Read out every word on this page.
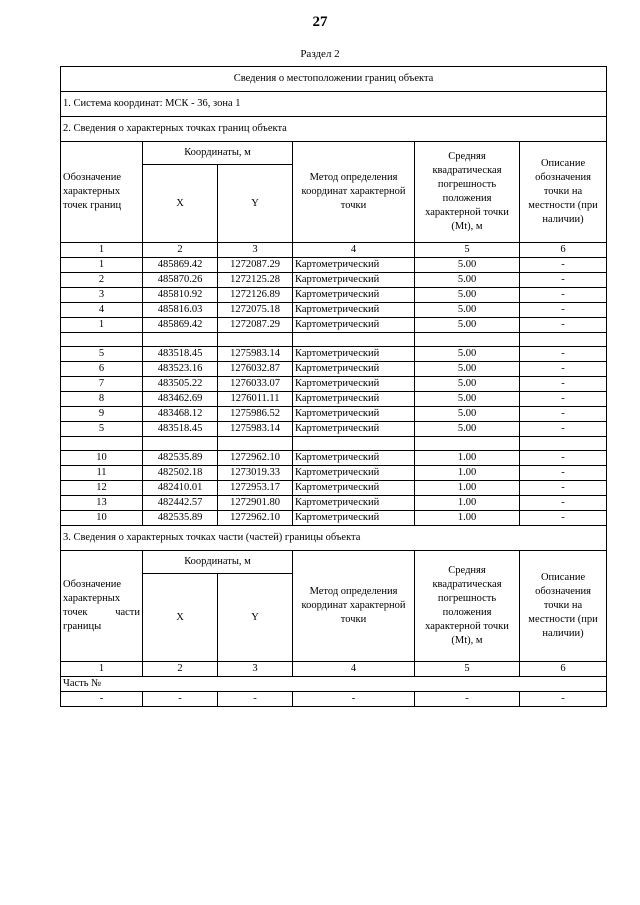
27
Раздел 2
Сведения о местоположении границ объекта					
1. Система координат: МСК - 36, зона 1					
2. Сведения о характерных точках границ объекта					
Обозначение характерных точек границ	Координаты, м		Метод определения координат характерной точки	Средняя квадратическая погрешность положения характерной точки (Mt), м	Описание обозначения точки на местности (при наличии)
	X	Y			
1	2	3	4	5	6
1	485869.42	1272087.29	Картометрический	5.00	-
2	485870.26	1272125.28	Картометрический	5.00	-
3	485810.92	1272126.89	Картометрический	5.00	-
4	485816.03	1272075.18	Картометрический	5.00	-
1	485869.42	1272087.29	Картометрический	5.00	-

5	483518.45	1275983.14	Картометрический	5.00	-
6	483523.16	1276032.87	Картометрический	5.00	-
7	483505.22	1276033.07	Картометрический	5.00	-
8	483462.69	1276011.11	Картометрический	5.00	-
9	483468.12	1275986.52	Картометрический	5.00	-
5	483518.45	1275983.14	Картометрический	5.00	-

10	482535.89	1272962.10	Картометрический	1.00	-
11	482502.18	1273019.33	Картометрический	1.00	-
12	482410.01	1272953.17	Картометрический	1.00	-
13	482442.57	1272901.80	Картометрический	1.00	-
10	482535.89	1272962.10	Картометрический	1.00	-
3. Сведения о характерных точках части (частей) границы объекта					
Обозначение характерных точек части границы	Координаты, м		Метод определения координат характерной точки	Средняя квадратическая погрешность положения характерной точки (Mt), м	Описание обозначения точки на местности (при наличии)
	X	Y			
1	2	3	4	5	6
Часть №					
-	-	-	-	-	-
